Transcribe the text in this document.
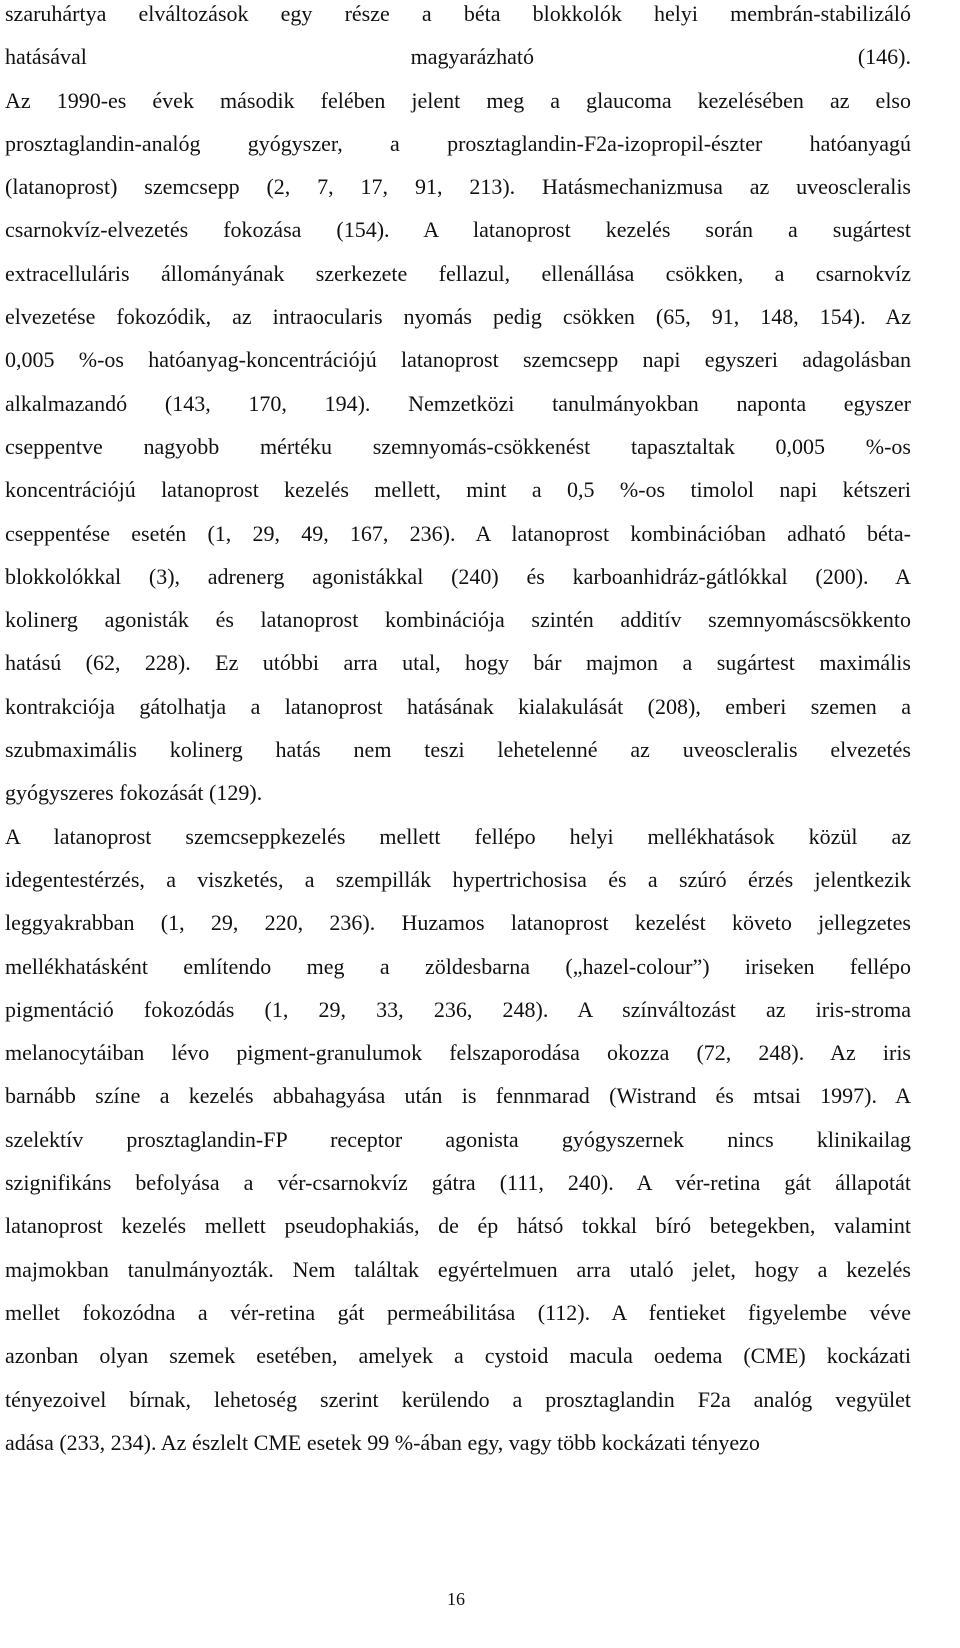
szaruhártya elváltozások egy része a béta blokkolók helyi membrán-stabilizáló
hatásával magyarázható (146).
Az 1990-es évek második felében jelent meg a glaucoma kezelésében az elso
prosztaglandin-analóg gyógyszer, a prosztaglandin-F2a-izopropil-észter hatóanyagú
(latanoprost) szemcsepp (2, 7, 17, 91, 213). Hatásmechanizmusa az uveoscleralis
csarnokvíz-elvezetés fokozása (154). A latanoprost kezelés során a sugártest
extracelluláris állományának szerkezete fellazul, ellenállása csökken, a csarnokvíz
elvezetése fokozódik, az intraocularis nyomás pedig csökken (65, 91, 148, 154). Az
0,005 %-os hatóanyag-koncentrációjú latanoprost szemcsepp napi egyszeri adagolásban
alkalmazandó (143, 170, 194). Nemzetközi tanulmányokban naponta egyszer
cseppentve nagyobb mértéku szemnyomás-csökkenést tapasztaltak 0,005 %-os
koncentrációjú latanoprost kezelés mellett, mint a 0,5 %-os timolol napi kétszeri
cseppentése esetén (1, 29, 49, 167, 236). A latanoprost kombinációban adható béta-
blokkolókkal (3), adrenerg agonistákkal (240) és karboanhidráz-gátlókkal (200). A
kolinerg agonisták és latanoprost kombinációja szintén additív szemnyomáscsökkento
hatású (62, 228). Ez utóbbi arra utal, hogy bár majmon a sugártest maximális
kontrakciója gátolhatja a latanoprost hatásának kialakulását (208), emberi szemen a
szubmaximális kolinerg hatás nem teszi lehetelenné az uveoscleralis elvezetés
gyógyszeres fokozását (129).
A latanoprost szemcseppkezelés mellett fellépo helyi mellékhatások közül az
idegentestérzés, a viszketés, a szempillák hypertrichosisa és a szúró érzés jelentkezik
leggyakrabban (1, 29, 220, 236). Huzamos latanoprost kezelést követo jellegzetes
mellékhatásként említendo meg a zöldesbarna („hazel-colour”) iriseken fellépo
pigmentáció fokozódás (1, 29, 33, 236, 248). A színváltozást az iris-stroma
melanocytáiban lévo pigment-granulumok felszaporodása okozza (72, 248). Az iris
barnább színe a kezelés abbahagyása után is fennmarad (Wistrand és mtsai 1997). A
szelektív prosztaglandin-FP receptor agonista gyógyszernek nincs klinikailag
szignifikáns befolyása a vér-csarnokvíz gátra (111, 240). A vér-retina gát állapotát
latanoprost kezelés mellett pseudophakiás, de ép hátsó tokkal bíró betegekben, valamint
majmokban tanulmányozták. Nem találtak egyértelmuen arra utaló jelet, hogy a kezelés
mellet fokozódna a vér-retina gát permeábilitása (112). A fentieket figyelembe véve
azonban olyan szemek esetében, amelyek a cystoid macula oedema (CME) kockázati
tényezoivel bírnak, lehetoség szerint kerülendo a prosztaglandin F2a analóg vegyület
adása (233, 234). Az észlelt CME esetek 99 %-ában egy, vagy több kockázati tényezo
16
